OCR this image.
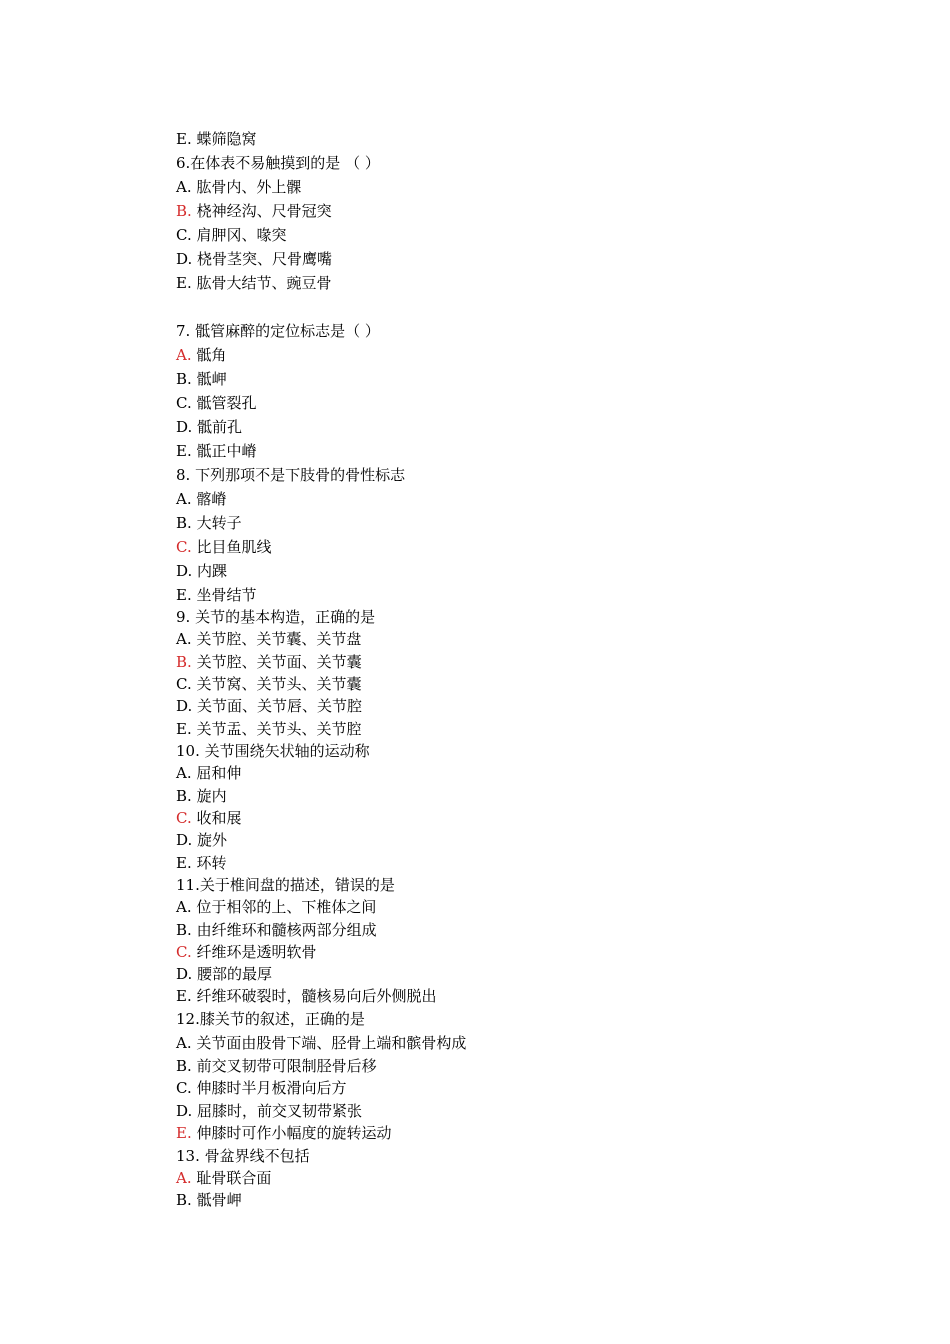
E. 蝶筛隐窝
6.在体表不易触摸到的是 （ ）
A. 肱骨内、外上髁
B. 桡神经沟、尺骨冠突
C. 肩胛冈、喙突
D. 桡骨茎突、尺骨鹰嘴
E. 肱骨大结节、豌豆骨
7. 骶管麻醉的定位标志是（ ）
A. 骶角
B. 骶岬
C. 骶管裂孔
D. 骶前孔
E. 骶正中嵴
8. 下列那项不是下肢骨的骨性标志
A. 髂嵴
B. 大转子
C. 比目鱼肌线
D. 内踝
E. 坐骨结节
9. 关节的基本构造，正确的是
A. 关节腔、关节囊、关节盘
B. 关节腔、关节面、关节囊
C. 关节窝、关节头、关节囊
D. 关节面、关节唇、关节腔
E. 关节盂、关节头、关节腔
10. 关节围绕矢状轴的运动称
A. 屈和伸
B. 旋内
C. 收和展
D. 旋外
E. 环转
11.关于椎间盘的描述，错误的是
A. 位于相邻的上、下椎体之间
B. 由纤维环和髓核两部分组成
C. 纤维环是透明软骨
D. 腰部的最厚
E. 纤维环破裂时，髓核易向后外侧脱出
12.膝关节的叙述，正确的是
A. 关节面由股骨下端、胫骨上端和髌骨构成
B. 前交叉韧带可限制胫骨后移
C. 伸膝时半月板滑向后方
D. 屈膝时，前交叉韧带紧张
E. 伸膝时可作小幅度的旋转运动
13. 骨盆界线不包括
A. 耻骨联合面
B. 骶骨岬
